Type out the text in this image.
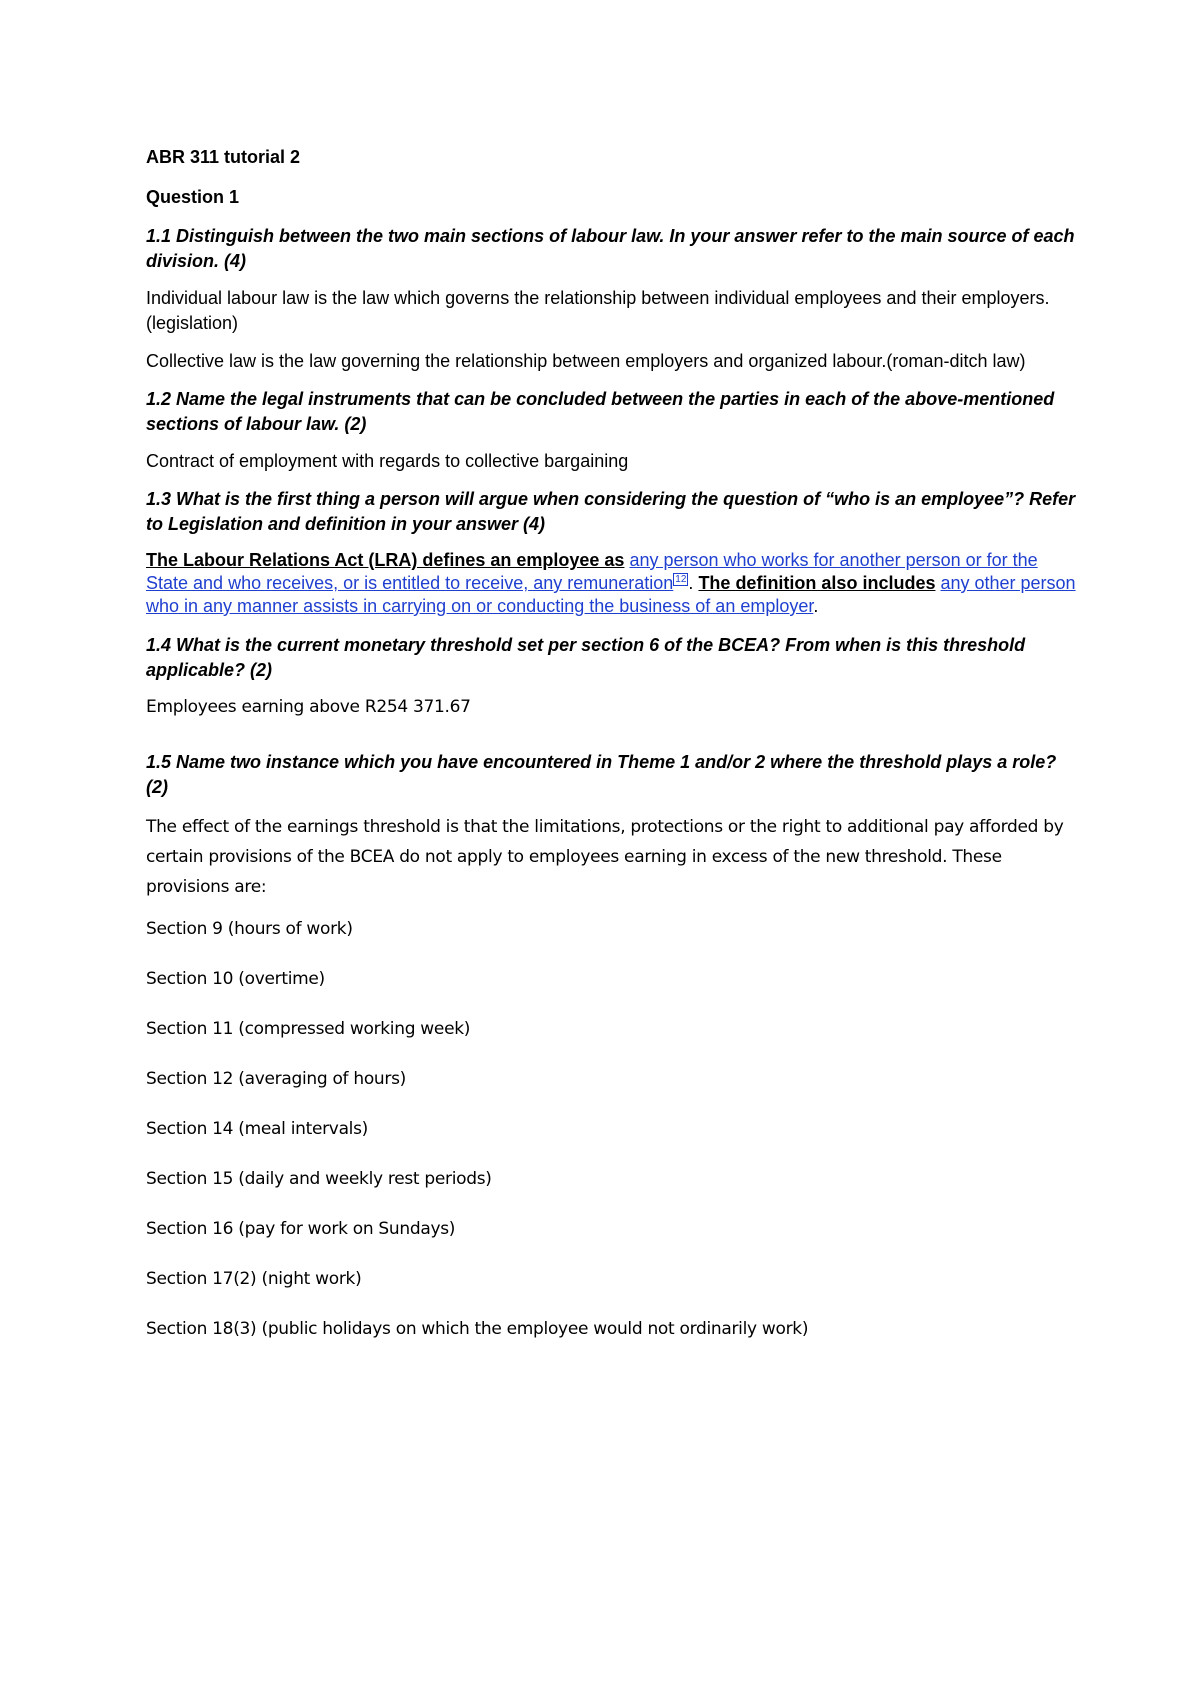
ABR 311 tutorial 2

Question 1

1.1 Distinguish between the two main sections of labour law. In your answer refer to the main source of each division. (4)

Individual labour law is the law which governs the relationship between individual employees and their employers. (legislation)

Collective law is the law governing the relationship between employers and organized labour.(roman-ditch law)

1.2 Name the legal instruments that can be concluded between the parties in each of the above-mentioned sections of labour law. (2)

Contract of employment with regards to collective bargaining

1.3 What is the first thing a person will argue when considering the question of “who is an employee”? Refer to Legislation and definition in your answer (4)

The Labour Relations Act (LRA) defines an employee as any person who works for another person or for the State and who receives, or is entitled to receive, any remuneration $^{12}$ . The definition also includes any other person who in any manner assists in carrying on or conducting the business of an employer.

1.4 What is the current monetary threshold set per section 6 of the BCEA? From when is this threshold applicable? (2)

Employees earning above R254 371.67

1.5 Name two instance which you have encountered in Theme 1 and/or 2 where the threshold plays a role? (2)

The effect of the earnings threshold is that the limitations, protections or the right to additional pay afforded by certain provisions of the BCEA do not apply to employees earning in excess of the new threshold. These provisions are:

Section 9 (hours of work)

Section 10 (overtime)

Section 11 (compressed working week)

Section 12 (averaging of hours)

Section 14 (meal intervals)

Section 15 (daily and weekly rest periods)

Section 16 (pay for work on Sundays)

Section 17(2) (night work)

Section 18(3) (public holidays on which the employee would not ordinarily work)
